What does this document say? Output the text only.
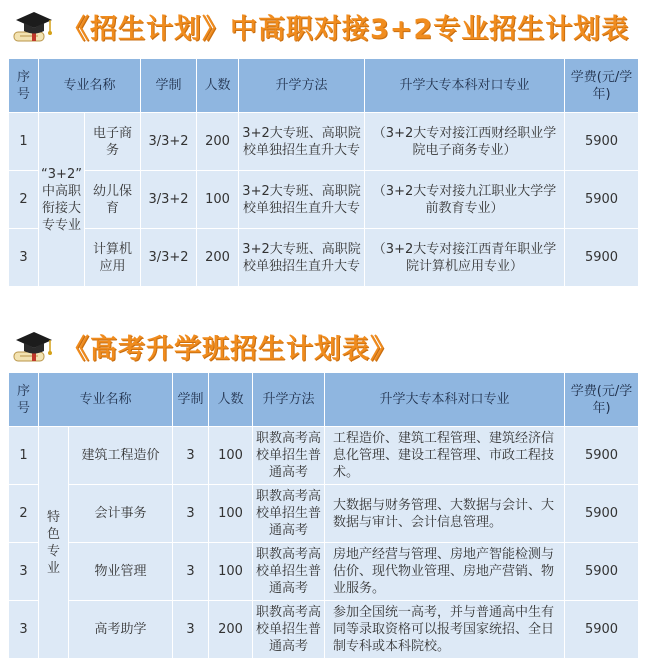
《招生计划》中高职对接3+2专业招生计划表
序号	专业名称		学制	人数	升学方法	升学大专本科对口专业	学费(元/学年)
1	“3+2” 中高职衔接大专专业	电子商务	3/3+2	200	3+2大专班、高职院校单独招生直升大专	（3+2大专对接江西财经职业学院电子商务专业）	5900
2		幼儿保育	3/3+2	100	3+2大专班、高职院校单独招生直升大专	（3+2大专对接九江职业大学学前教育专业）	5900
3		计算机应用	3/3+2	200	3+2大专班、高职院校单独招生直升大专	（3+2大专对接江西青年职业学院计算机应用专业）	5900
《高考升学班招生计划表》
序号	专业名称		学制	人数	升学方法	升学大专本科对口专业	学费(元/学年)
1	特色专业	建筑工程造价	3	100	职教高考高校单招生普通高考	工程造价、建筑工程管理、建筑经济信息化管理、建设工程管理、市政工程技术。	5900
2		会计事务	3	100	职教高考高校单招生普通高考	大数据与财务管理、大数据与会计、大数据与审计、会计信息管理。	5900
3		物业管理	3	100	职教高考高校单招生普通高考	房地产经营与管理、房地产智能检测与估价、现代物业管理、房地产营销、物业服务。	5900
3		高考助学	3	200	职教高考高校单招生普通高考	参加全国统一高考，并与普通高中生有同等录取资格可以报考国家统招、全日制专科或本科院校。	5900
